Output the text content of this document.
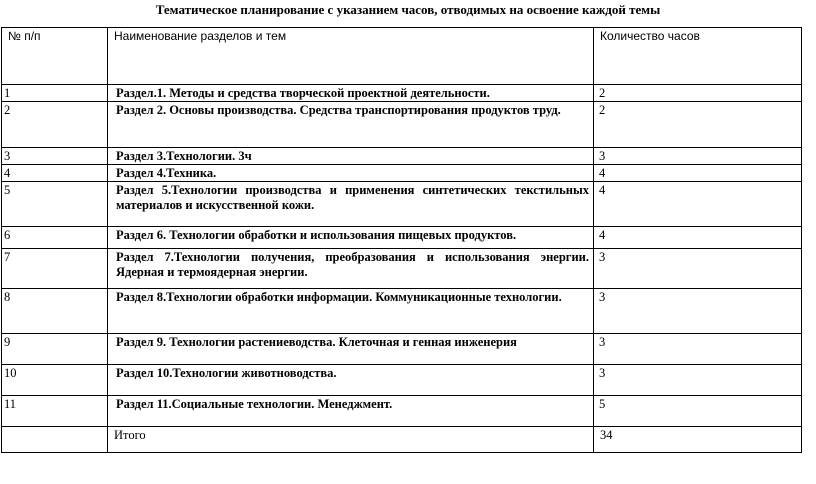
Тематическое планирование с указанием часов, отводимых на освоение каждой темы
№ п/п	Наименование разделов и тем	Количество часов
1	Раздел.1. Методы и средства творческой проектной деятельности.	2
2	Раздел 2. Основы производства. Средства транспортирования продуктов труд.	2
3	Раздел 3.Технологии. 3ч	3
4	Раздел 4.Техника.	4
5	Раздел 5.Технологии производства и применения синтетических текстильных материалов и искусственной кожи.	4
6	Раздел 6. Технологии обработки и использования пищевых продуктов.	4
7	Раздел 7.Технологии получения, преобразования и использования энергии. Ядерная и термоядерная энергии.	3
8	Раздел 8.Технологии обработки информации. Коммуникационные технологии.	3
9	Раздел 9. Технологии растениеводства. Клеточная и генная инженерия	3
10	Раздел 10.Технологии животноводства.	3
11	Раздел 11.Социальные технологии. Менеджмент.	5
	Итого	34
